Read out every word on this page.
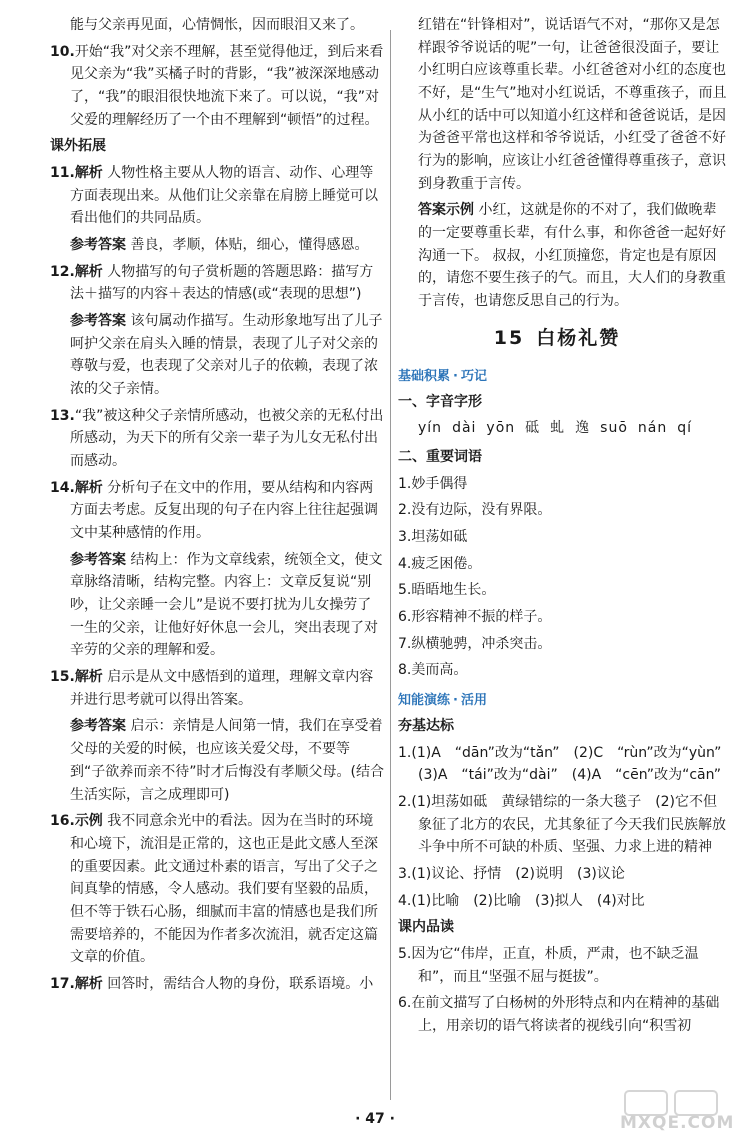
能与父亲再见面，心情惆怅，因而眼泪又来了。

10.开始“我”对父亲不理解，甚至觉得他迂，到后来看见父亲为“我”买橘子时的背影，“我”被深深地感动了，“我”的眼泪很快地流下来了。可以说，“我”对父爱的理解经历了一个由不理解到“顿悟”的过程。

课外拓展

11.解析 人物性格主要从人物的语言、动作、心理等方面表现出来。从他们让父亲靠在肩膀上睡觉可以看出他们的共同品质。

参考答案 善良，孝顺，体贴，细心，懂得感恩。

12.解析 人物描写的句子赏析题的答题思路：描写方法＋描写的内容＋表达的情感(或“表现的思想”)

参考答案 该句属动作描写。生动形象地写出了儿子呵护父亲在肩头入睡的情景，表现了儿子对父亲的尊敬与爱，也表现了父亲对儿子的依赖，表现了浓浓的父子亲情。

13.“我”被这种父子亲情所感动，也被父亲的无私付出所感动，为天下的所有父亲一辈子为儿女无私付出而感动。

14.解析 分析句子在文中的作用，要从结构和内容两方面去考虑。反复出现的句子在内容上往往起强调文中某种感情的作用。

参考答案 结构上：作为文章线索，统领全文，使文章脉络清晰，结构完整。内容上：文章反复说“别吵，让父亲睡一会儿”是说不要打扰为儿女操劳了一生的父亲，让他好好休息一会儿，突出表现了对辛劳的父亲的理解和爱。

15.解析 启示是从文中感悟到的道理，理解文章内容并进行思考就可以得出答案。

参考答案 启示：亲情是人间第一情，我们在享受着父母的关爱的时候，也应该关爱父母，不要等到“子欲养而亲不待”时才后悔没有孝顺父母。(结合生活实际，言之成理即可)

16.示例 我不同意余光中的看法。因为在当时的环境和心境下，流泪是正常的，这也正是此文感人至深的重要因素。此文通过朴素的语言，写出了父子之间真挚的情感，令人感动。我们要有坚毅的品质，但不等于铁石心肠，细腻而丰富的情感也是我们所需要培养的，不能因为作者多次流泪，就否定这篇文章的价值。

17.解析 回答时，需结合人物的身份，联系语境。小

红错在“针锋相对”，说话语气不对，“那你又是怎样跟爷爷说话的呢”一句，让爸爸很没面子，要让小红明白应该尊重长辈。小红爸爸对小红的态度也不好，是“生气”地对小红说话，不尊重孩子，而且从小红的话中可以知道小红这样和爸爸说话，是因为爸爸平常也这样和爷爷说话，小红受了爸爸不好行为的影响，应该让小红爸爸懂得尊重孩子，意识到身教重于言传。

答案示例 小红，这就是你的不对了，我们做晚辈的一定要尊重长辈，有什么事，和你爸爸一起好好沟通一下。 叔叔，小红顶撞您，肯定也是有原因的，请您不要生孩子的气。而且，大人们的身教重于言传，也请您反思自己的行为。

15 白杨礼赞

基础积累 · 巧记

一、字音字形

yín dài yōn 砥 虬 逸 suō nán qí

二、重要词语

1.妙手偶得

2.没有边际，没有界限。

3.坦荡如砥

4.疲乏困倦。

5.晤晤地生长。

6.形容精神不振的样子。

7.纵横驰骋，冲杀突击。

8.美而高。

知能演练 · 活用

夯基达标

1.(1)A　“dān”改为“tǎn”　(2)C　“rùn”改为“yùn”　(3)A　“tái”改为“dài”　(4)A　“cēn”改为“cān”

2.(1)坦荡如砥　黄绿错综的一条大毯子　(2)它不但象征了北方的农民，尤其象征了今天我们民族解放斗争中所不可缺的朴质、坚强、力求上进的精神

3.(1)议论、抒情　(2)说明　(3)议论

4.(1)比喻　(2)比喻　(3)拟人　(4)对比

课内品读

5.因为它“伟岸，正直，朴质，严肃，也不缺乏温和”，而且“坚强不屈与挺拔”。

6.在前文描写了白杨树的外形特点和内在精神的基础上，用亲切的语气将读者的视线引向“积雪初

· 47 ·	MXQE.COM
